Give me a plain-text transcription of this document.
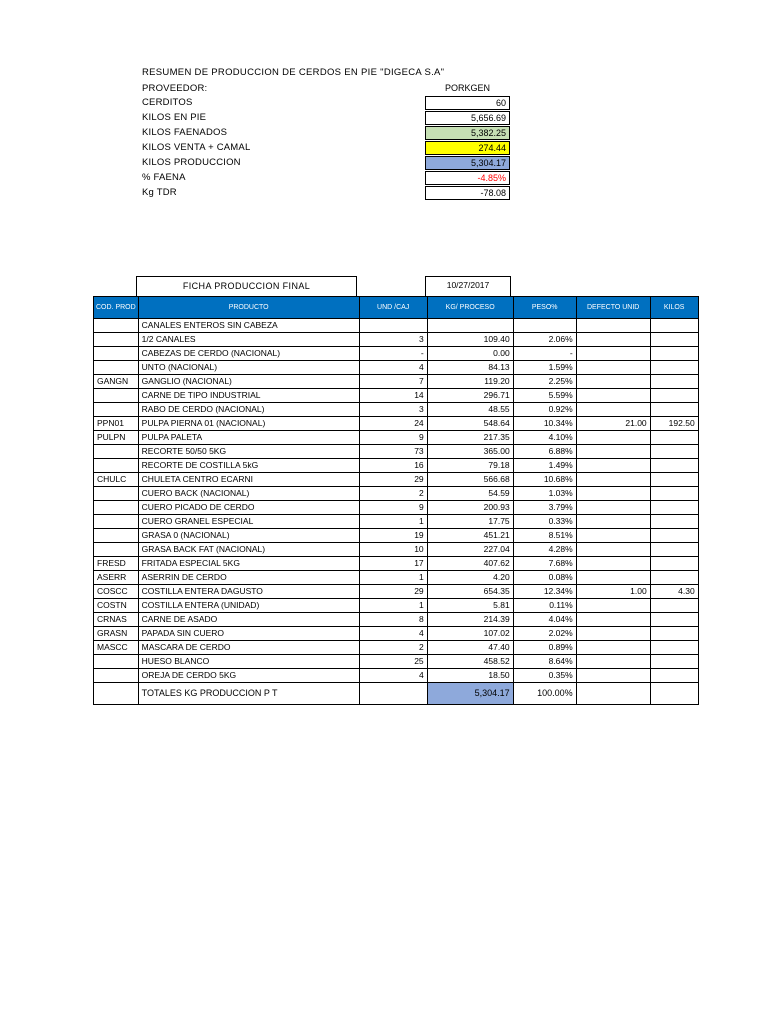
RESUMEN DE PRODUCCION DE CERDOS EN PIE "DIGECA S.A"
PROVEEDOR:	PORKGEN
CERDITOS	60
KILOS EN PIE	5,656.69
KILOS FAENADOS	5,382.25
KILOS VENTA + CAMAL	274.44
KILOS PRODUCCION	5,304.17
% FAENA	-4.85%
Kg TDR	-78.08
FICHA PRODUCCION FINAL	10/27/2017
COD. PROD	PRODUCTO	UND /CAJ	KG/ PROCESO	PESO%	DEFECTO UNID	KILOS
	CANALES ENTEROS SIN CABEZA					
	1/2 CANALES	3	109.40	2.06%		
	CABEZAS DE CERDO (NACIONAL)	-	0.00	-		
	UNTO (NACIONAL)	4	84.13	1.59%		
GANGN	GANGLIO (NACIONAL)	7	119.20	2.25%		
	CARNE DE TIPO INDUSTRIAL	14	296.71	5.59%		
	RABO DE CERDO (NACIONAL)	3	48.55	0.92%		
PPN01	PULPA PIERNA 01 (NACIONAL)	24	548.64	10.34%	21.00	192.50
PULPN	PULPA PALETA	9	217.35	4.10%		
	RECORTE 50/50 5KG	73	365.00	6.88%		
	RECORTE DE COSTILLA 5kG	16	79.18	1.49%		
CHULC	CHULETA CENTRO ECARNI	29	566.68	10.68%		
	CUERO BACK (NACIONAL)	2	54.59	1.03%		
	CUERO PICADO DE CERDO	9	200.93	3.79%		
	CUERO GRANEL ESPECIAL	1	17.75	0.33%		
	GRASA 0 (NACIONAL)	19	451.21	8.51%		
	GRASA BACK FAT (NACIONAL)	10	227.04	4.28%		
FRESD	FRITADA ESPECIAL 5KG	17	407.62	7.68%		
ASERR	ASERRIN DE CERDO	1	4.20	0.08%		
COSCC	COSTILLA ENTERA DAGUSTO	29	654.35	12.34%	1.00	4.30
COSTN	COSTILLA ENTERA (UNIDAD)	1	5.81	0.11%		
CRNAS	CARNE DE ASADO	8	214.39	4.04%		
GRASN	PAPADA SIN CUERO	4	107.02	2.02%		
MASCC	MASCARA DE CERDO	2	47.40	0.89%		
	HUESO BLANCO	25	458.52	8.64%		
	OREJA DE CERDO 5KG	4	18.50	0.35%		
	TOTALES KG PRODUCCION P T		5,304.17	100.00%		
